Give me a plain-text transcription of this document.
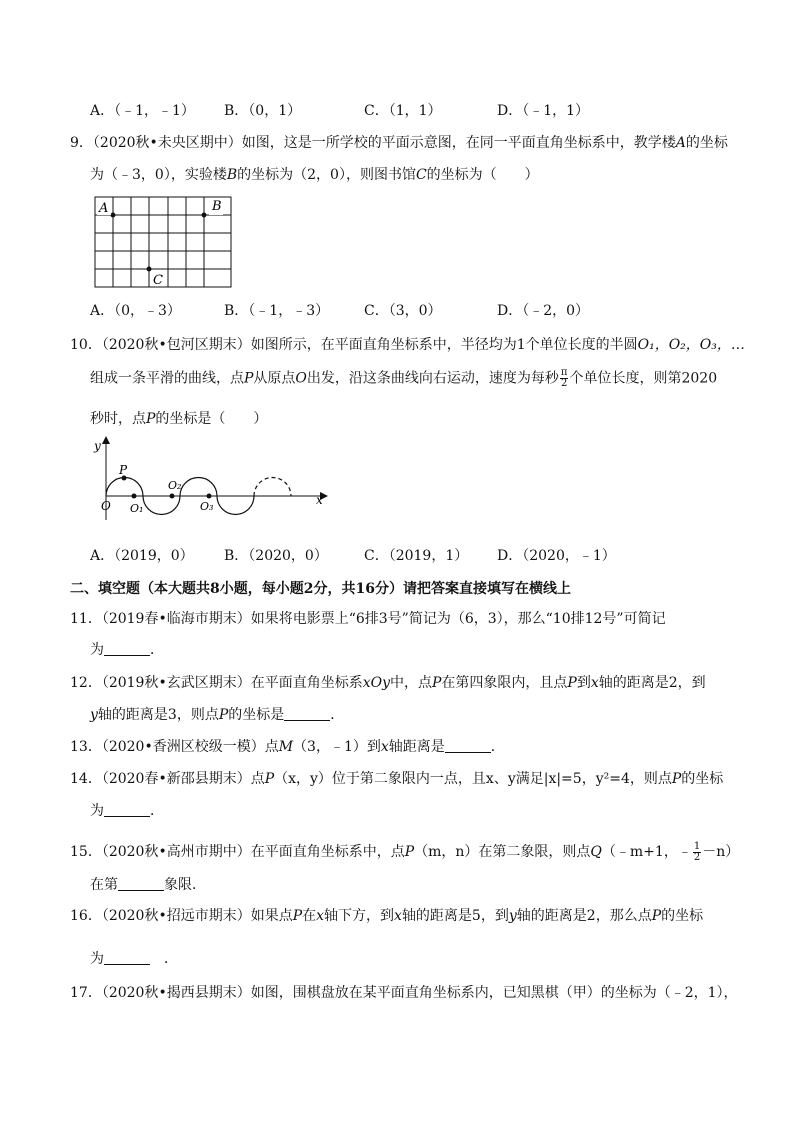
A．（﹣1，﹣1） B．（0，1）	C．（1，1）	D．（﹣1，1）
9．（2020秋•未央区期中）如图，这是一所学校的平面示意图，在同一平面直角坐标系中，教学楼A的坐标
为（﹣3，0），实验楼B的坐标为（2，0），则图书馆C的坐标为（　　）
A	B
C
A．（0，﹣3）	B．（﹣1，﹣3） C．（3，0）	D．（﹣2，0）
10．（2020秋•包河区期末）如图所示，在平面直角坐标系中，半径均为1个单位长度的半圆O₁，O₂，O₃，…
组成一条平滑的曲线，点P从原点O出发，沿这条曲线向右运动，速度为每秒 $\frac{\pi}{2}$ 个单位长度，则第2020
秒时，点P的坐标是（　　）
y
x
O
P
O₁
O₂
O₃
A．（2019，0） B．（2020，0）	C．（2019，1） D．（2020，﹣1）
二、填空题（本大题共8小题，每小题2分，共16分）请把答案直接填写在横线上
11．（2019春•临海市期末）如果将电影票上“6排3号”简记为（6，3），那么“10排12号”可简记
为	．
12．（2019秋•玄武区期末）在平面直角坐标系xOy中，点P在第四象限内，且点P到x轴的距离是2，到
y轴的距离是3，则点P的坐标是	．
13．（2020•香洲区校级一模）点M（3，﹣1）到x轴距离是	．
14．（2020春•新邵县期末）点P（x，y）位于第二象限内一点，且x、y满足|x|=5，y²=4，则点P的坐标
为	．
15．（2020秋•高州市期中）在平面直角坐标系中，点P（m，n）在第二象限，则点Q（﹣m+1，﹣ $\frac{1}{2} -n$）
在第	象限．
16．（2020秋•招远市期末）如果点P在x轴下方，到x轴的距离是5，到y轴的距离是2，那么点P的坐标
为	．
17．（2020秋•揭西县期末）如图，围棋盘放在某平面直角坐标系内，已知黑棋（甲）的坐标为（﹣2，1），
